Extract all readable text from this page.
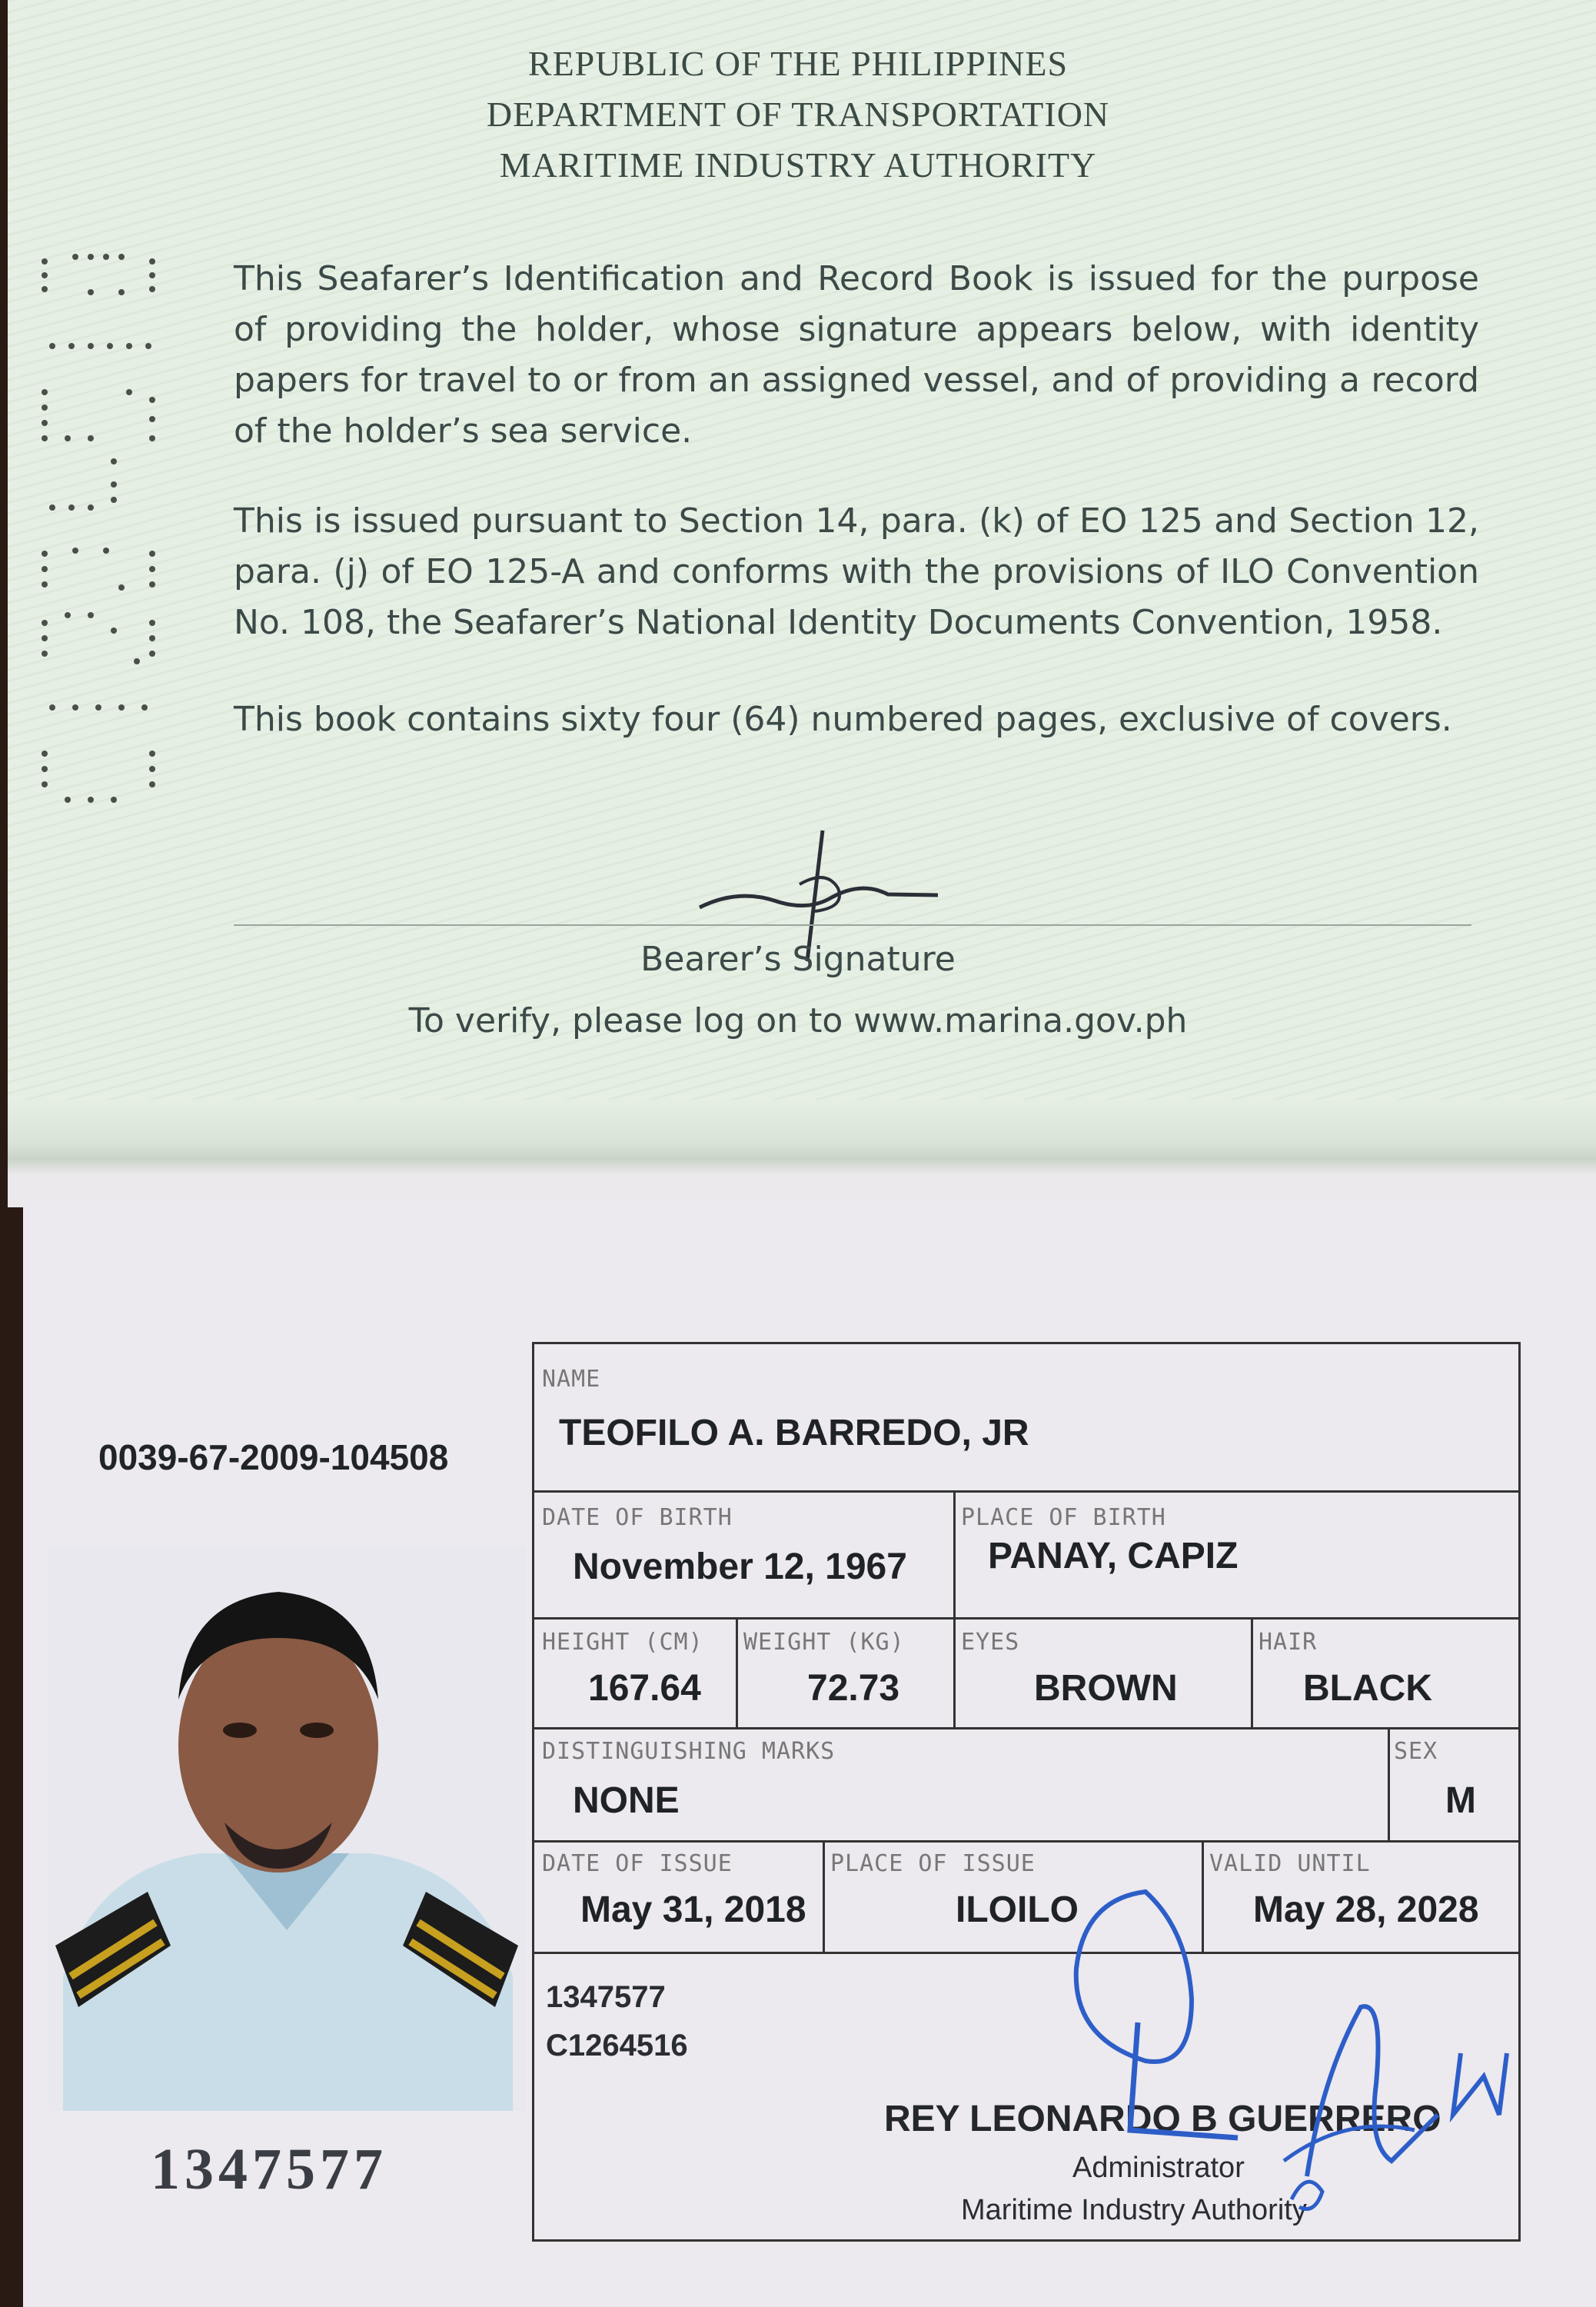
REPUBLIC OF THE PHILIPPINES
DEPARTMENT OF TRANSPORTATION
MARITIME INDUSTRY AUTHORITY
This Seafarer’s Identification and Record Book is issued for the purpose of providing the holder, whose signature appears below, with identity papers for travel to or from an assigned vessel, and of providing a record of the holder’s sea service.
This is issued pursuant to Section 14, para. (k) of EO 125 and Section 12, para. (j) of EO 125-A and conforms with the provisions of ILO Convention No. 108, the Seafarer’s National Identity Documents Convention, 1958.
This book contains sixty four (64) numbered pages, exclusive of covers.
Bearer’s Signature
To verify, please log on to www.marina.gov.ph
0039-67-2009-104508
1347577
NAME
TEOFILO A. BARREDO, JR
DATE OF BIRTH
November 12, 1967
PLACE OF BIRTH
PANAY, CAPIZ
HEIGHT (CM)
167.64
WEIGHT (KG)
72.73
EYES
BROWN
HAIR
BLACK
DISTINGUISHING MARKS
NONE
SEX
M
DATE OF ISSUE
May 31, 2018
PLACE OF ISSUE
ILOILO
VALID UNTIL
May 28, 2028
1347577
C1264516
REY LEONARDO B GUERRERO
Administrator
Maritime Industry Authority
